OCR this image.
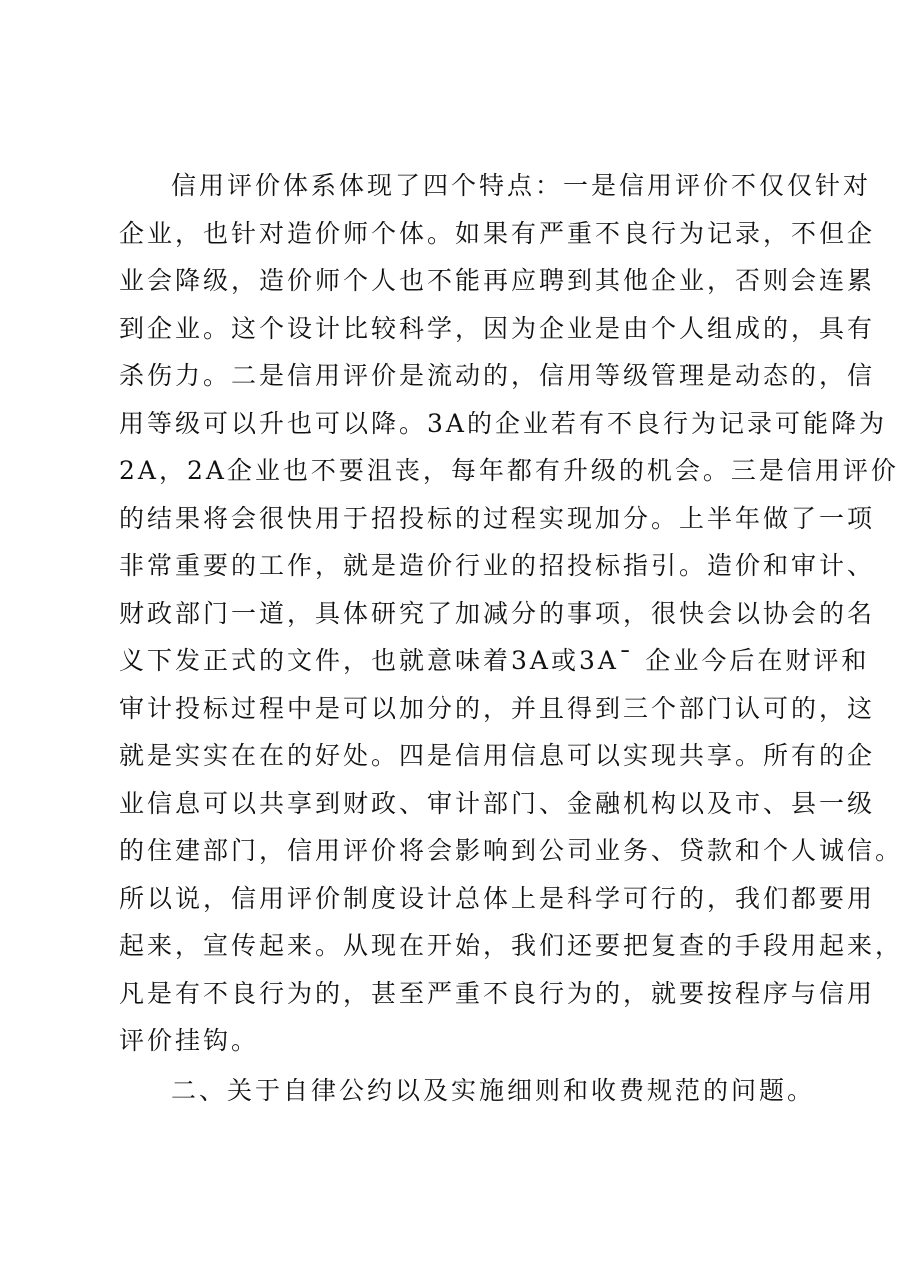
信用评价体系体现了四个特点：一是信用评价不仅仅针对
企业，也针对造价师个体。如果有严重不良行为记录，不但企
业会降级，造价师个人也不能再应聘到其他企业，否则会连累
到企业。这个设计比较科学，因为企业是由个人组成的，具有
杀伤力。二是信用评价是流动的，信用等级管理是动态的，信
用等级可以升也可以降。3A的企业若有不良行为记录可能降为
2A，2A企业也不要沮丧，每年都有升级的机会。三是信用评价
的结果将会很快用于招投标的过程实现加分。上半年做了一项
非常重要的工作，就是造价行业的招投标指引。造价和审计、
财政部门一道，具体研究了加减分的事项，很快会以协会的名
义下发正式的文件，也就意味着3A或3A¯ 企业今后在财评和
审计投标过程中是可以加分的，并且得到三个部门认可的，这
就是实实在在的好处。四是信用信息可以实现共享。所有的企
业信息可以共享到财政、审计部门、金融机构以及市、县一级
的住建部门，信用评价将会影响到公司业务、贷款和个人诚信。
所以说，信用评价制度设计总体上是科学可行的，我们都要用
起来，宣传起来。从现在开始，我们还要把复查的手段用起来，
凡是有不良行为的，甚至严重不良行为的，就要按程序与信用
评价挂钩。

二、关于自律公约以及实施细则和收费规范的问题。
